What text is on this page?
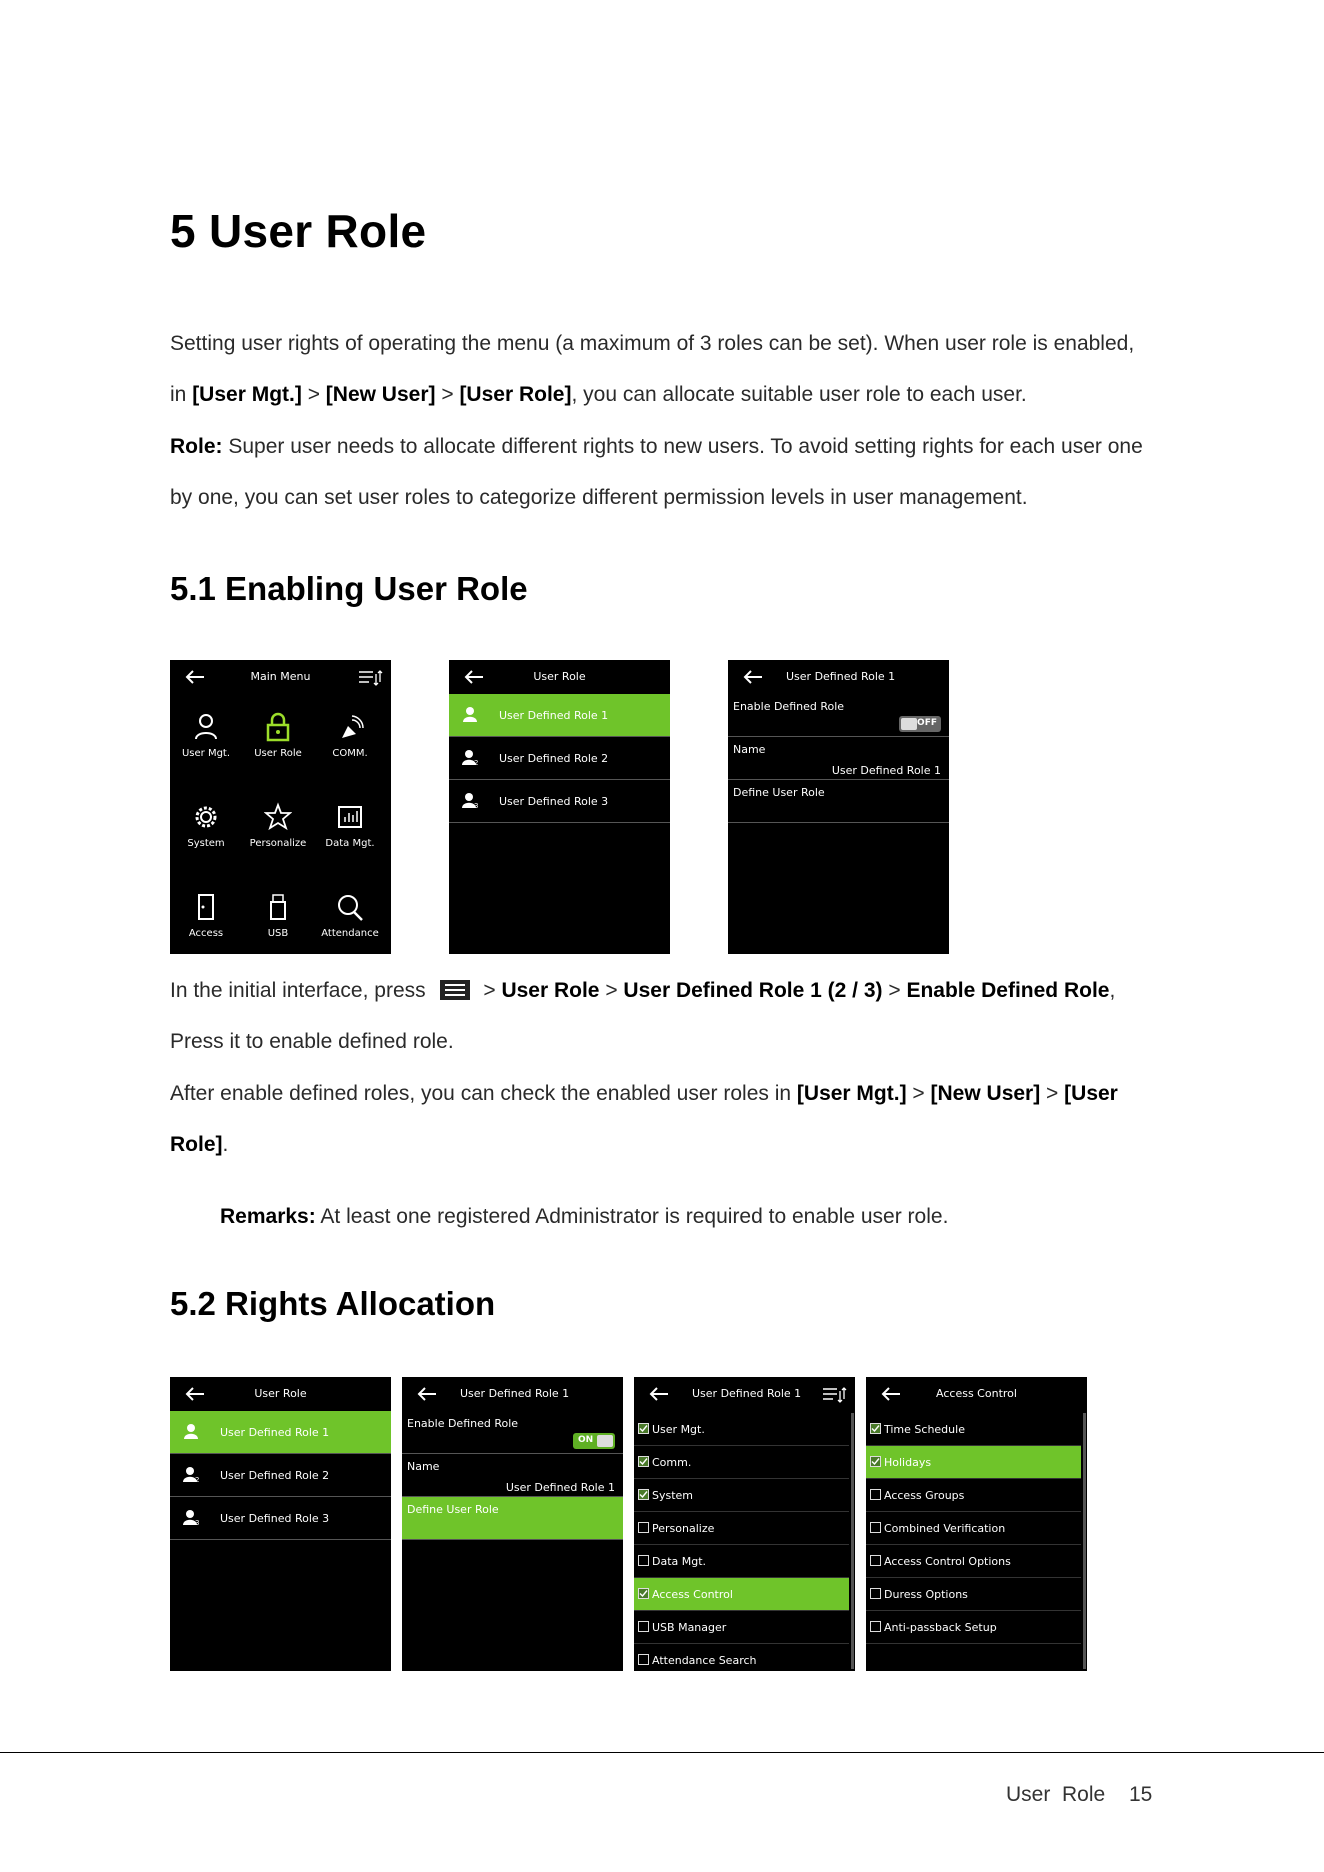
5 User Role
Setting user rights of operating the menu (a maximum of 3 roles can be set). When user role is enabled,
in [User Mgt.] > [New User] > [User Role], you can allocate suitable user role to each user.
Role: Super user needs to allocate different rights to new users. To avoid setting rights for each user one
by one, you can set user roles to categorize different permission levels in user management.
5.1 Enabling User Role
Main Menu
User Mgt.	User Role	COMM.
System	Personalize	Data Mgt.
Access	USB	Attendance
User Role
User Defined Role 1
2 User Defined Role 2
3 User Defined Role 3
User Defined Role 1
Enable Defined Role
OFF
Name
User Defined Role 1
Define User Role
In the initial interface, press	> User Role > User Defined Role 1 (2 / 3) > Enable Defined Role,
Press it to enable defined role.
After enable defined roles, you can check the enabled user roles in [User Mgt.] > [New User] > [User
Role].
Remarks: At least one registered Administrator is required to enable user role.
5.2 Rights Allocation
User Role
User Defined Role 1
2 User Defined Role 2
3 User Defined Role 3
User Defined Role 1
Enable Defined Role
ON
Name
User Defined Role 1
Define User Role
User Defined Role 1
User Mgt.
Comm.
System
Personalize
Data Mgt.
Access Control
USB Manager
Attendance Search
Access Control
Time Schedule
Holidays
Access Groups
Combined Verification
Access Control Options
Duress Options
Anti-passback Setup
User  Role 15
